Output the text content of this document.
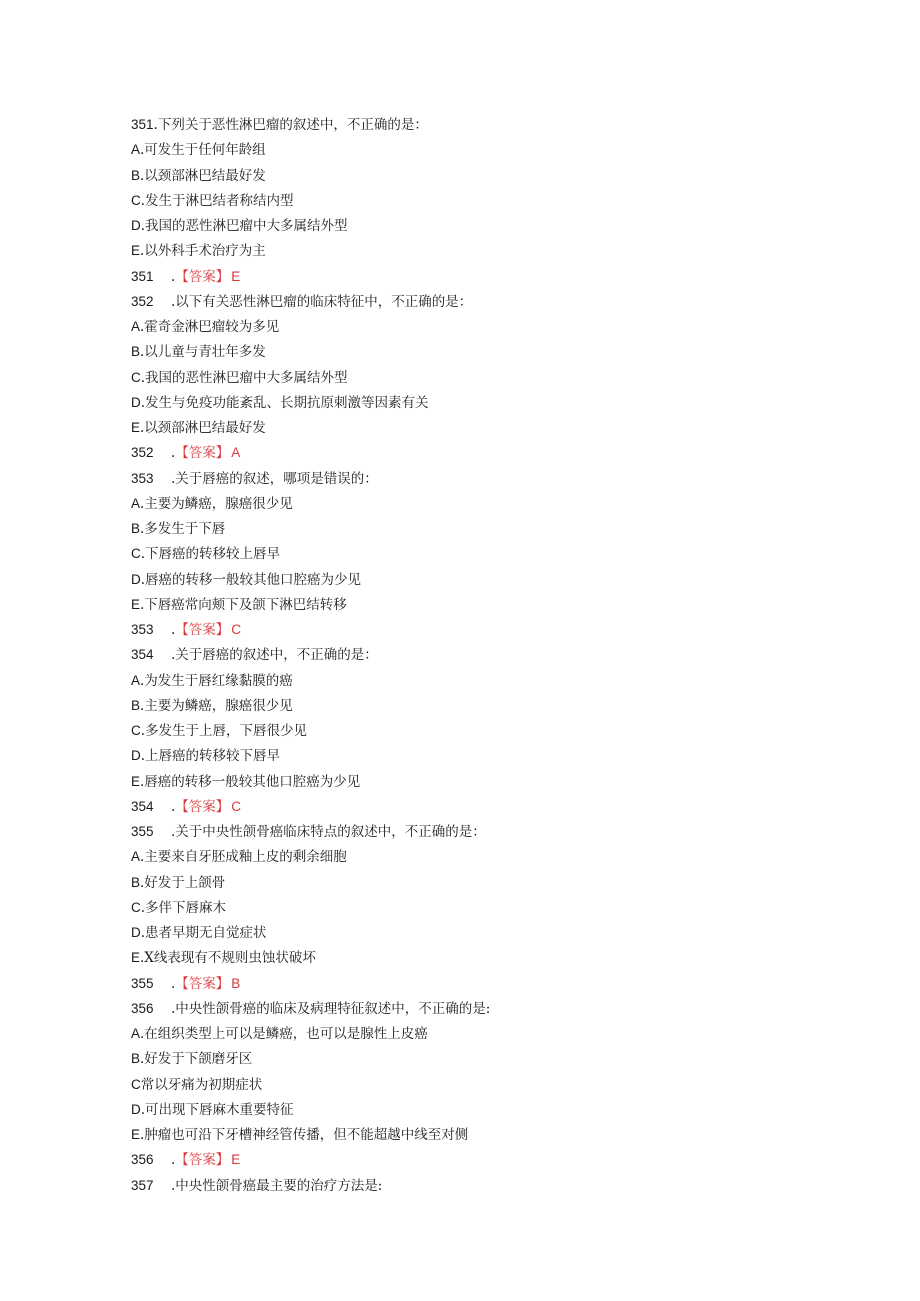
351.下列关于恶性淋巴瘤的叙述中，不正确的是：
A.可发生于任何年龄组
B.以颈部淋巴结最好发
C.发生于淋巴结者称结内型
D.我国的恶性淋巴瘤中大多属结外型
E.以外科手术治疗为主
351 .【答案】 E
352 .以下有关恶性淋巴瘤的临床特征中，不正确的是：
A.霍奇金淋巴瘤较为多见
B.以儿童与青壮年多发
C.我国的恶性淋巴瘤中大多属结外型
D.发生与免疫功能紊乱、长期抗原刺激等因素有关
E.以颈部淋巴结最好发
352 .【答案】 A
353 .关于唇癌的叙述，哪项是错误的：
A.主要为鳞癌，腺癌很少见
B.多发生于下唇
C.下唇癌的转移较上唇早
D.唇癌的转移一般较其他口腔癌为少见
E.下唇癌常向颊下及颌下淋巴结转移
353 .【答案】 C
354 .关于唇癌的叙述中，不正确的是：
A.为发生于唇红缘黏膜的癌
B.主要为鳞癌，腺癌很少见
C.多发生于上唇，下唇很少见
D.上唇癌的转移较下唇早
E.唇癌的转移一般较其他口腔癌为少见
354 .【答案】 C
355 .关于中央性颌骨癌临床特点的叙述中，不正确的是：
A.主要来自牙胚成釉上皮的剩余细胞
B.好发于上颌骨
C.多伴下唇麻木
D.患者早期无自觉症状
E.X线表现有不规则虫蚀状破坏
355 .【答案】 B
356 .中央性颌骨癌的临床及病理特征叙述中，不正确的是:
A.在组织类型上可以是鳞癌，也可以是腺性上皮癌
B.好发于下颌磨牙区
C常以牙痛为初期症状
D.可出现下唇麻木重要特征
E.肿瘤也可沿下牙槽神经管传播，但不能超越中线至对侧
356 .【答案】 E
357 .中央性颌骨癌最主要的治疗方法是:
